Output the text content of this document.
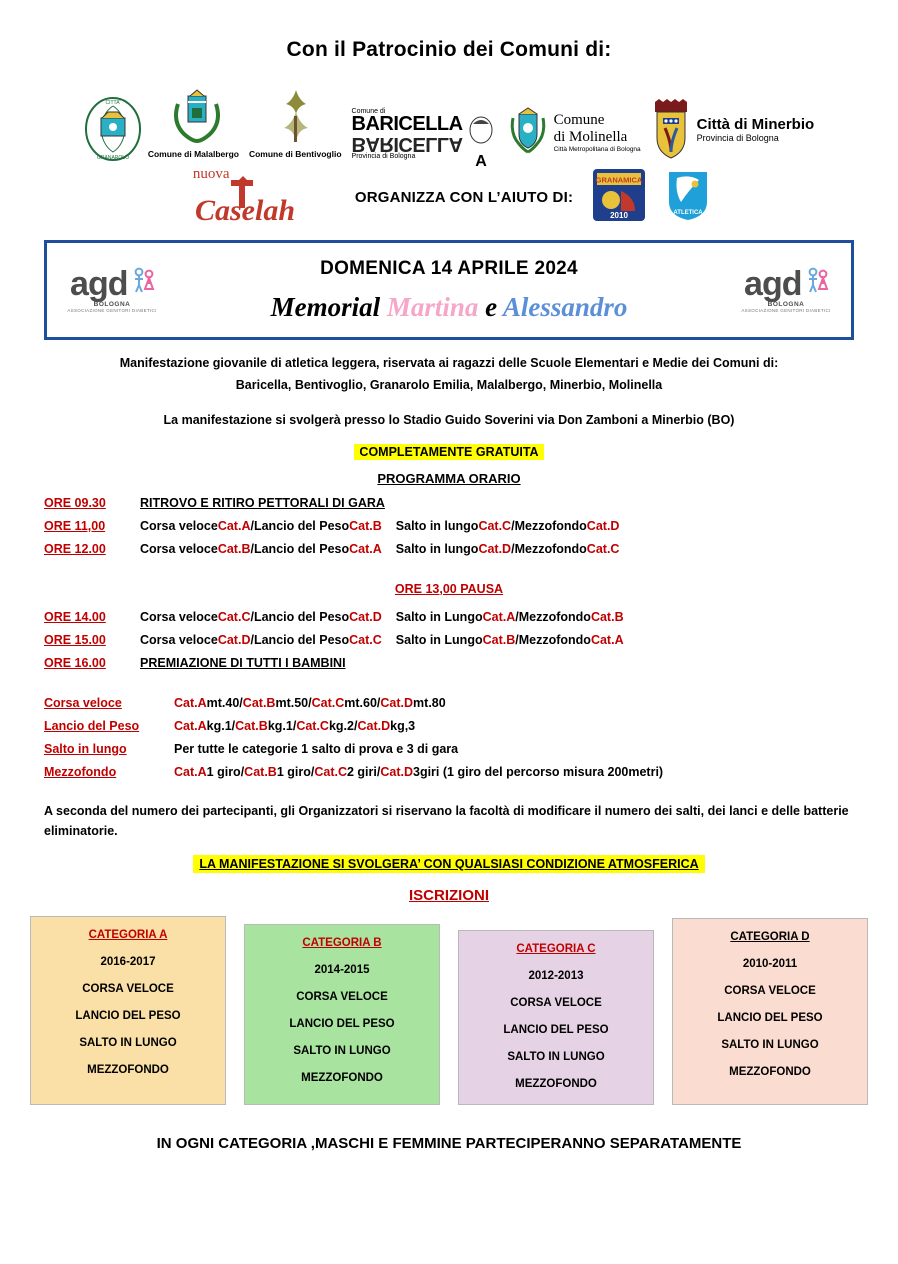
Con il Patrocinio dei Comuni di:
CITTA'
GRANAROLO Comune di Malalbergo Comune di Bentivoglio
Comune di
BARICELLA
BARICELLA
Provincia di Bologna	A
Comune
di Molinella
Città Metropolitana di Bologna
Città di Minerbio
Provincia di Bologna
nuova
Caselah	ORGANIZZA CON L’AIUTO DI:
GRANAMICA
2010	ATLETICA
agd
BOLOGNA
ASSOCIAZIONE GENITORI DIABETICI
DOMENICA 14 APRILE 2024
Memorial Martina e Alessandro
agd
BOLOGNA
ASSOCIAZIONE GENITORI DIABETICI
Manifestazione giovanile di atletica leggera, riservata ai ragazzi delle Scuole Elementari e Medie dei Comuni di:
Baricella, Bentivoglio, Granarolo Emilia, Malalbergo, Minerbio, Molinella
La manifestazione si svolgerà presso lo Stadio Guido Soverini via Don Zamboni a Minerbio (BO)
COMPLETAMENTE GRATUITA
PROGRAMMA ORARIO
ORE 09.30	RITROVO E RITIRO PETTORALI DI GARA
ORE 11,00	Corsa veloce Cat.A / Lancio del Peso Cat.B Salto in lungo Cat.C / Mezzofondo Cat.D
ORE 12.00	Corsa veloce Cat.B / Lancio del Peso Cat.A Salto in lungo Cat.D / Mezzofondo Cat.C
ORE 13,00 PAUSA
ORE 14.00	Corsa veloce Cat.C / Lancio del Peso Cat.D Salto in Lungo Cat.A / Mezzofondo Cat.B
ORE 15.00	Corsa veloce Cat.D / Lancio del Peso Cat.C Salto in Lungo Cat.B / Mezzofondo Cat.A
ORE 16.00	PREMIAZIONE DI TUTTI I BAMBINI
Corsa veloce	Cat.A mt.40/ Cat.B mt.50/ Cat.C mt.60/ Cat.D mt.80
Lancio del Peso	Cat.A kg.1/ Cat.B kg.1/ Cat.C kg.2/ Cat.D kg,3
Salto in lungo	Per tutte le categorie 1 salto di prova e 3 di gara
Mezzofondo	Cat.A 1 giro/ Cat.B 1 giro/ Cat.C 2 giri/ Cat.D 3giri (1 giro del percorso misura 200metri)
A seconda del numero dei partecipanti, gli Organizzatori si riservano la facoltà di modificare il numero dei salti, dei lanci e delle batterie eliminatorie.
LA MANIFESTAZIONE SI SVOLGERA’ CON QUALSIASI CONDIZIONE ATMOSFERICA
ISCRIZIONI
CATEGORIA A
2016-2017
CORSA VELOCE
LANCIO DEL PESO
SALTO IN LUNGO
MEZZOFONDO
CATEGORIA B
2014-2015
CORSA VELOCE
LANCIO DEL PESO
SALTO IN LUNGO
MEZZOFONDO
CATEGORIA C
2012-2013
CORSA VELOCE
LANCIO DEL PESO
SALTO IN LUNGO
MEZZOFONDO
CATEGORIA D
2010-2011
CORSA VELOCE
LANCIO DEL PESO
SALTO IN LUNGO
MEZZOFONDO
IN OGNI CATEGORIA ,MASCHI E FEMMINE PARTECIPERANNO SEPARATAMENTE
